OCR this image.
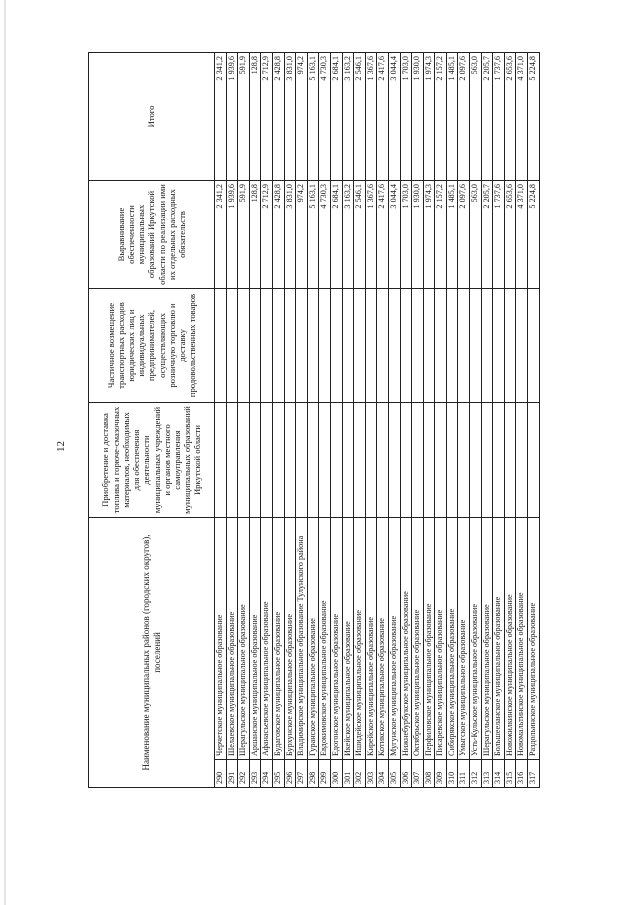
12
Наименование муниципальных районов (городских округов), поселений		Приобретение и доставка топлива и горюче-смазочных материалов, необходимых для обеспечения деятельности муниципальных учреждений и органов местного самоуправления муниципальных образований Иркутской области	Частичное возмещение транспортных расходов юридических лиц и индивидуальных предпринимателей, осуществляющих розничную торговлю и доставку продовольственных товаров	Выравнивание обеспеченности муниципальных образований Иркутской области по реализации ими их отдельных расходных обязательств	Итого
290	Черчетское муниципальное образование			2 341,2	2 341,2
291	Шелаевское муниципальное образование			1 939,6	1 939,6
292	Шерагульское муниципальное образование			591,9	591,9
293	Аршанское муниципальное образование			128,8	128,8
294	Афанасьевское муниципальное образование			2 712,9	2 712,9
295	Будаговское муниципальное образование			2 428,8	2 428,8
296	Бурхунское муниципальное образование			3 831,0	3 831,0
297	Владимирское муниципальное образование Тулунского района			974,2	974,2
298	Гуранское муниципальное образование			5 163,1	5 163,1
299	Евдокимовское муниципальное образование			4 730,3	4 730,3
300	Едогонское муниципальное образование			2 684,1	2 684,1
301	Икейское муниципальное образование			3 163,2	3 163,2
302	Ишидейское муниципальное образование			2 546,1	2 546,1
303	Кирейское муниципальное образование			1 367,6	1 367,6
304	Котикское муниципальное образование			2 417,6	2 417,6
305	Мугунское муниципальное образование			3 044,4	3 044,4
306	Нижнебурбукское муниципальное образование			1 703,0	1 703,0
307	Октябрьское муниципальное образование			1 930,0	1 930,0
308	Перфиловское муниципальное образование			1 974,3	1 974,3
309	Писаревское муниципальное образование			2 157,2	2 157,2
310	Сибирякское муниципальное образование			1 485,1	1 485,1
311	Умыгское муниципальное образование			2 097,6	2 097,6
312	Усть-Кульское муниципальное образование			563,0	563,0
313	Шерагульское муниципальное образование			2 205,7	2 205,7
314	Большееланское муниципальное образование			1 737,6	1 737,6
315	Новожилкинское муниципальное образование			2 653,6	2 653,6
316	Новомальтинское муниципальное образование			4 371,0	4 371,0
317	Раздольинское муниципальное образование			5 224,8	5 224,8
